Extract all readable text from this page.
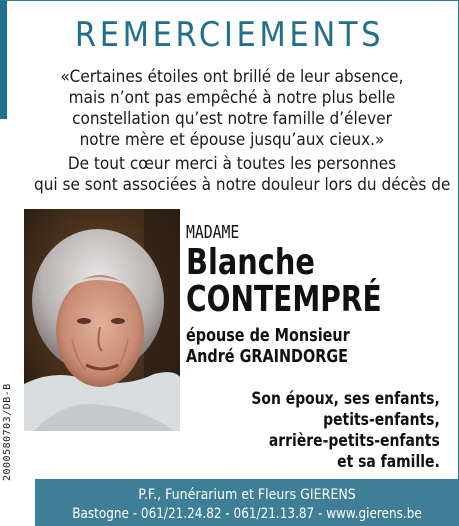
REMERCIEMENTS
«Certaines étoiles ont brillé de leur absence,
mais n’ont pas empêché à notre plus belle
constellation qu’est notre famille d’élever
notre mère et épouse jusqu’aux cieux.»
De tout cœur merci à toutes les personnes
qui se sont associées à notre douleur lors du décès de
MADAME
Blanche
CONTEMPRÉ
épouse de Monsieur
André GRAINDORGE
Son époux, ses enfants,
petits-enfants,
arrière-petits-enfants
et sa famille.
2000580703/DB-B
P.F., Funérarium et Fleurs GIERENS
Bastogne - 061/21.24.82 - 061/21.13.87 - www.gierens.be
